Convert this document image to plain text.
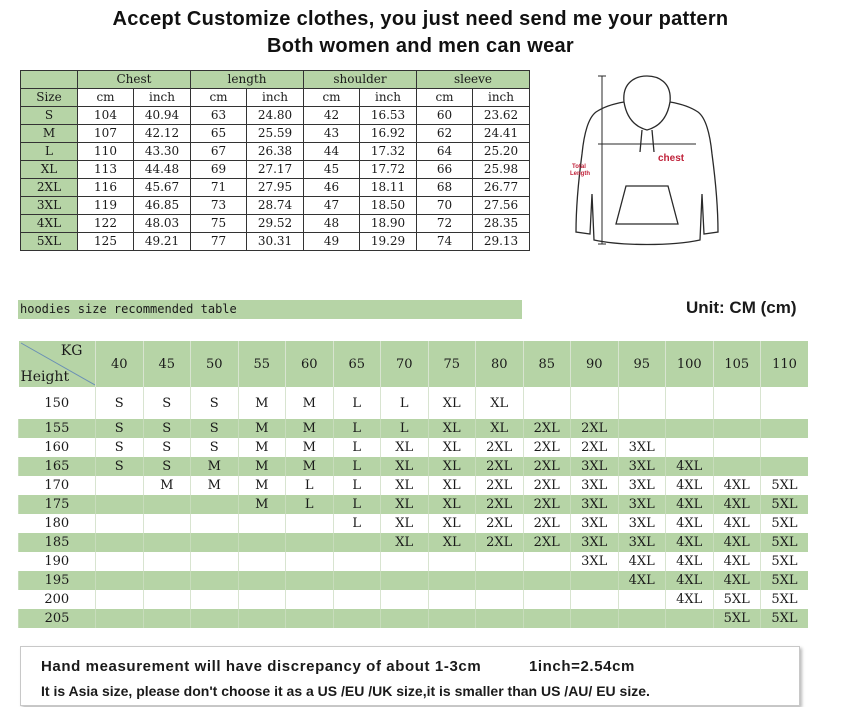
Accept Customize clothes, you just need send me your pattern
Both women and men can wear
	Chest		length		shoulder		sleeve	
Size	cm	inch	cm	inch	cm	inch	cm	inch
S	104	40.94	63	24.80	42	16.53	60	23.62
M	107	42.12	65	25.59	43	16.92	62	24.41
L	110	43.30	67	26.38	44	17.32	64	25.20
XL	113	44.48	69	27.17	45	17.72	66	25.98
2XL	116	45.67	71	27.95	46	18.11	68	26.77
3XL	119	46.85	73	28.74	47	18.50	70	27.56
4XL	122	48.03	75	29.52	48	18.90	72	28.35
5XL	125	49.21	77	30.31	49	19.29	74	29.13
chest
Total
Length
hoodies size recommended table	Unit: CM (cm)
KG
Height	40	45	50	55	60	65	70	75	80	85	90	95	100	105	110
150	S	S	S	M	M	L	L	XL	XL						
155	S	S	S	M	M	L	L	XL	XL	2XL	2XL				
160	S	S	S	M	M	L	XL	XL	2XL	2XL	2XL	3XL			
165	S	S	M	M	M	L	XL	XL	2XL	2XL	3XL	3XL	4XL		
170		M	M	M	L	L	XL	XL	2XL	2XL	3XL	3XL	4XL	4XL	5XL
175				M	L	L	XL	XL	2XL	2XL	3XL	3XL	4XL	4XL	5XL
180						L	XL	XL	2XL	2XL	3XL	3XL	4XL	4XL	5XL
185							XL	XL	2XL	2XL	3XL	3XL	4XL	4XL	5XL
190											3XL	4XL	4XL	4XL	5XL
195												4XL	4XL	4XL	5XL
200													4XL	5XL	5XL
205														5XL	5XL
Hand measurement will have discrepancy of about 1-3cm	1inch=2.54cm
It is Asia size, please don't choose it as a US /EU /UK size,it is smaller than US /AU/ EU size.
